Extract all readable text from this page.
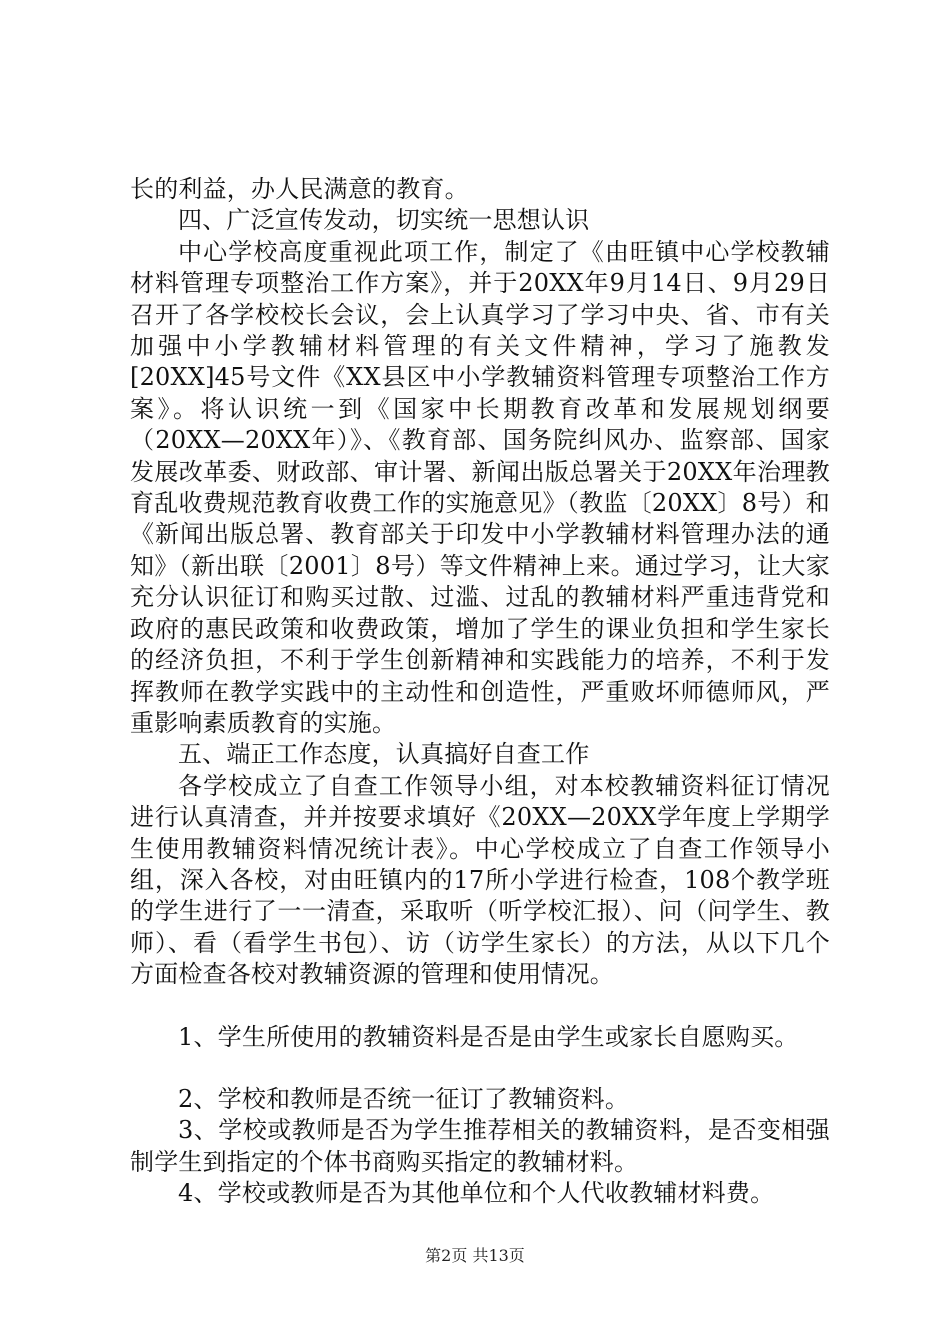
长的利益，办人民满意的教育。

四、广泛宣传发动，切实统一思想认识

中心学校高度重视此项工作，制定了《由旺镇中心学校教辅材料管理专项整治工作方案》，并于20XX年9月14日、9月29日召开了各学校校长会议，会上认真学习了学习中央、省、市有关加强中小学教辅材料管理的有关文件精神，学习了施教发[20XX]45号文件《XX县区中小学教辅资料管理专项整治工作方案》。将认识统一到《国家中长期教育改革和发展规划纲要（20XX—20XX年）》、《教育部、国务院纠风办、监察部、国家发展改革委、财政部、审计署、新闻出版总署关于20XX年治理教育乱收费规范教育收费工作的实施意见》（教监〔20XX〕8号）和《新闻出版总署、教育部关于印发中小学教辅材料管理办法的通知》（新出联〔2001〕8号）等文件精神上来。通过学习，让大家充分认识征订和购买过散、过滥、过乱的教辅材料严重违背党和政府的惠民政策和收费政策，增加了学生的课业负担和学生家长的经济负担，不利于学生创新精神和实践能力的培养，不利于发挥教师在教学实践中的主动性和创造性，严重败坏师德师风，严重影响素质教育的实施。

五、端正工作态度，认真搞好自查工作

各学校成立了自查工作领导小组，对本校教辅资料征订情况进行认真清查，并并按要求填好《20XX—20XX学年度上学期学生使用教辅资料情况统计表》。中心学校成立了自查工作领导小组，深入各校，对由旺镇内的17所小学进行检查，108个教学班的学生进行了一一清查，采取听（听学校汇报）、问（问学生、教师）、看（看学生书包）、访（访学生家长）的方法，从以下几个方面检查各校对教辅资源的管理和使用情况。

1、学生所使用的教辅资料是否是由学生或家长自愿购买。

2、学校和教师是否统一征订了教辅资料。

3、学校或教师是否为学生推荐相关的教辅资料，是否变相强制学生到指定的个体书商购买指定的教辅材料。

4、学校或教师是否为其他单位和个人代收教辅材料费。

第2页 共13页
